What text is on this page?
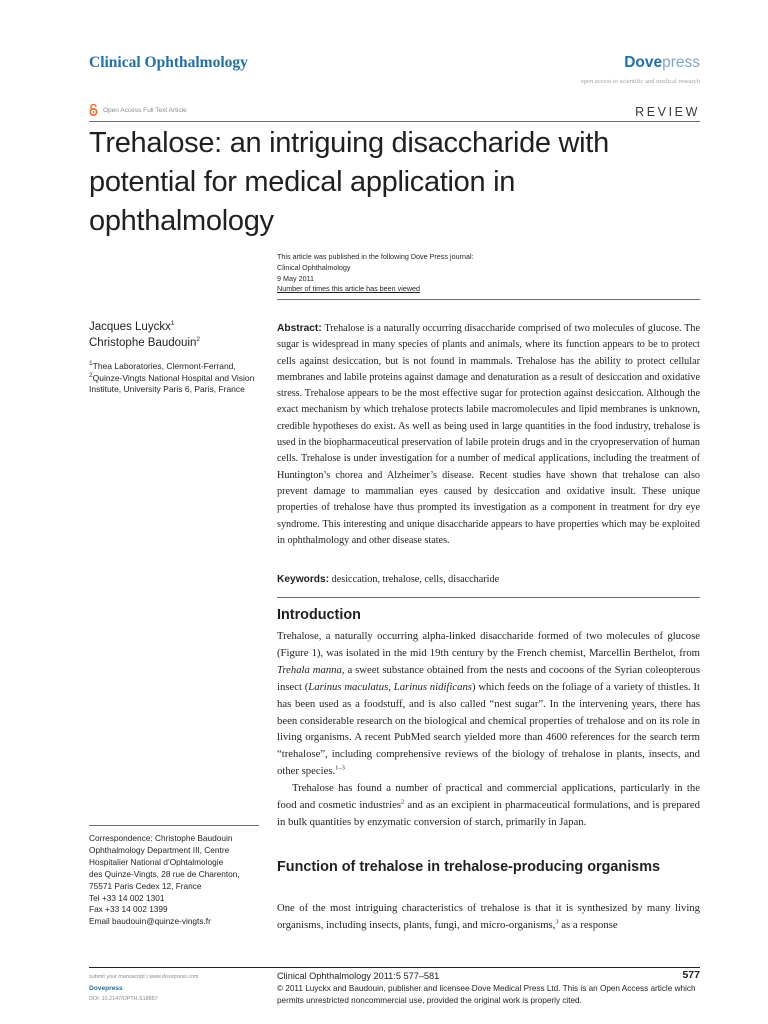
Clinical Ophthalmology	Dovepress
open access to scientific and medical research
Open Access Full Text Article	REVIEW
Trehalose: an intriguing disaccharide with potential for medical application in ophthalmology
This article was published in the following Dove Press journal:
Clinical Ophthalmology
9 May 2011
Number of times this article has been viewed
Jacques Luyckx$^1$
Christophe Baudouin$^2$
$^1$Thea Laboratories, Clermont-Ferrand,
$^2$Quinze-Vingts National Hospital and Vision Institute, University Paris 6, Paris, France
Abstract: Trehalose is a naturally occurring disaccharide comprised of two molecules of glucose. The sugar is widespread in many species of plants and animals, where its function appears to be to protect cells against desiccation, but is not found in mammals. Trehalose has the ability to protect cellular membranes and labile proteins against damage and denaturation as a result of desiccation and oxidative stress. Trehalose appears to be the most effective sugar for protection against desiccation. Although the exact mechanism by which trehalose protects labile macromolecules and lipid membranes is unknown, credible hypotheses do exist. As well as being used in large quantities in the food industry, trehalose is used in the biopharmaceutical preservation of labile protein drugs and in the cryopreservation of human cells. Trehalose is under investigation for a number of medical applications, including the treatment of Huntington’s chorea and Alzheimer’s disease. Recent studies have shown that trehalose can also prevent damage to mammalian eyes caused by desiccation and oxidative insult. These unique properties of trehalose have thus prompted its investigation as a component in treatment for dry eye syndrome. This interesting and unique disaccharide appears to have properties which may be exploited in ophthalmology and other disease states.
Keywords: desiccation, trehalose, cells, disaccharide
Introduction

Trehalose, a naturally occurring alpha-linked disaccharide formed of two molecules of glucose (Figure 1), was isolated in the mid 19th century by the French chemist, Marcellin Berthelot, from Trehala manna, a sweet substance obtained from the nests and cocoons of the Syrian coleopterous insect (Larinus maculatus, Larinus nidificans) which feeds on the foliage of a variety of thistles. It has been used as a foodstuff, and is also called “nest sugar”. In the intervening years, there has been considerable research on the biological and chemical properties of trehalose and on its role in living organisms. A recent PubMed search yielded more than 4600 references for the search term “trehalose”, including comprehensive reviews of the biology of trehalose in plants, insects, and other species.$^{1-3}$

Trehalose has found a number of practical and commercial applications, particularly in the food and cosmetic industries$^2$ and as an excipient in pharmaceutical formulations, and is prepared in bulk quantities by enzymatic conversion of starch, primarily in Japan.

Function of trehalose in trehalose-producing organisms
One of the most intriguing characteristics of trehalose is that it is synthesized by many living organisms, including insects, plants, fungi, and micro-organisms,$^3$ as a response
Correspondence: Christophe Baudouin
Ophthalmology Department III, Centre
Hospitalier National d’Ophtalmologie
des Quinze-Vingts, 28 rue de Charenton,
75571 Paris Cedex 12, France
Tel +33 14 002 1301
Fax +33 14 002 1399
Email baudouin@quinze-vingts.fr
submit your manuscript | www.dovepress.com
Dovepress
DOI: 10.2147/OPTH.S18857
Clinical Ophthalmology 2011:5 577–581	577
© 2011 Luyckx and Baudouin, publisher and licensee Dove Medical Press Ltd. This is an Open Access article which permits unrestricted noncommercial use, provided the original work is properly cited.
